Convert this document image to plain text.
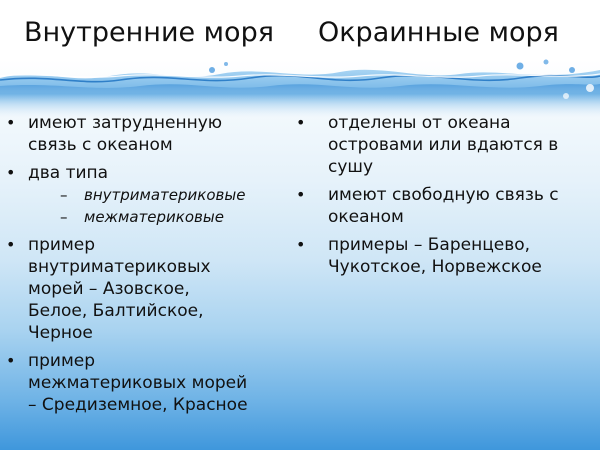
Внутренние моря Окраинные моря
• имеют затрудненную
связь с океаном
• два типа
– внутриматериковые
– межматериковые
• пример
внутриматериковых
морей – Азовское,
Белое, Балтийское,
Черное
• пример
межматериковых морей
– Средиземное, Красное
• отделены от океана
островами или вдаются в
сушу
• имеют свободную связь с
океаном
• примеры – Баренцево,
Чукотское, Норвежское
